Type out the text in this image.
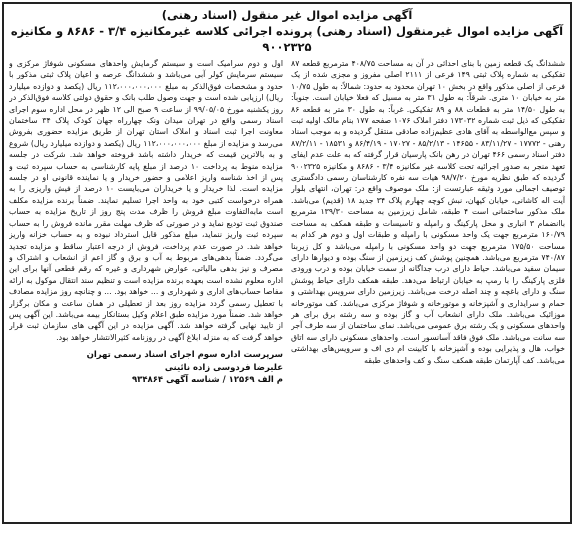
آگهی مزایده اموال غیر منقول (اسناد رهنی)
آگهی مزایده اموال غیرمنقول (اسناد رهنی) پرونده اجرائی کلاسه غیرمکانیزه ۳/۴ - ۸۶۸۶ و مکانیزه ۹۰۰۲۳۲۵

ششدانگ یک قطعه زمین با بنای احداثی در آن به مساحت ۴۰۸/۷۵ مترمربع قطعه ۸۷ تفکیکی به شماره پلاک ثبتی ۱۴۹ فرعی از ۲۱۱۱ اصلی مفروز و مجزی شده از یک فرعی از اصلی مذکور واقع در بخش ۱۰ تهران محدود به حدود: شمالاً: به طول ۱۰/۷۵ متر به خیابان ۱۰ متری. شرقاً: به طول ۳۱ متر به مسیل که فعلا خیابان است. جنوباً: به طول ۱۴/۵۰ متر به قطعات ۸۸ و ۸۹ تفکیکی. غرباً: به طول ۳۰ متر به قطعه ۸۶ تفکیکی که ذیل ثبت شماره ۱۷۳۰۳۲ دفتر املاک ۱۰۷۶ صفحه ۱۷۷ بنام مالک اولیه ثبت و سپس مع‌الواسطه به آقای هادی عظیم‌زاده صادقی منتقل گردیده و به موجب اسناد رهنی - ۱۷۷۷۲ - ۸۳/۱۱/۲۷ - ۱۴۶۵۵ - ۸۵/۲/۱۳ - ۱۷۰۲۷ - ۸۶/۴/۱۹ و ۱۸۵۳۱ - ۸۷/۲/۱۱ دفتر اسناد رسمی ۴۶۶ تهران در رهن بانک پارسیان قرار گرفته که به علت عدم ایفای تعهد منجر به صدور اجرائیه تحت کلاسه غیر مکانیزه ۳/۴ - ۸۶۸۶ و مکانیزه ۹۰۰۲۳۲۵ گردیده که طبق نظریه مورخ ۹۸/۷/۲۰ هیات سه نفره کارشناسان رسمی دادگستری توصیف اجمالی مورد وثیقه عبارتست از: ملک موصوف واقع در: تهران، انتهای بلوار آیت اله کاشانی، خیابان کیهان، نبش کوچه چهارم پلاک ۳۴ جدید ۱۸ (قدیم) می‌باشد. ملک مذکور ساختمانی است ۴ طبقه، شامل زیرزمین به مساحت ۱۳۹/۳۰ مترمربع باانضمام ۳ انباری و محل پارکینگ و رامپله و تاسیسات و طبقه همکف به مساحت ۱۶۰/۷۹ مترمربع جهت یک واحد مسکونی با رامپله و طبقات اول و دوم هر کدام به مساحت ۱۷۵/۵۰ مترمربع جهت دو واحد مسکونی با رامپله می‌باشد و کل زیربنا ۷۴۰/۸۷ مترمربع می‌باشد. همچنین پوشش کف زیرزمین از سنگ بوده و دیوارها دارای سیمان سفید می‌باشد. حیاط دارای درب جداگانه از سمت خیابان بوده و درب ورودی فلزی پارکینگ را با رمپ به خیابان ارتباط می‌دهد. طبقه همکف دارای حیاط پوشش سنگ و دارای باغچه و چند اصله درخت می‌باشد. زیرزمین دارای سرویس بهداشتی و حمام و سرایداری و آشپزخانه و موتورخانه و شوفاژ مرکزی می‌باشد. کف موتورخانه موزائیک می‌باشد. ملک دارای انشعاب آب و گاز بوده و سه رشته برق برای هر واحدهای مسکونی و یک رشته برق عمومی می‌باشد. نمای ساختمان از سه طرف آجر سه سانت می‌باشد. ملک فوق فاقد آسانسور است. واحدهای مسکونی دارای سه اتاق خواب، هال و پذیرایی بوده و آشپزخانه با کابینت ام دی اف و سرویس‌های بهداشتی می‌باشد. کف آپارتمان طبقه همکف سنگ و کف واحدهای طبقه

اول و دوم سرامیک است و سیستم گرمایش واحدهای مسکونی شوفاژ مرکزی و سیستم سرمایش کولر آبی می‌باشد و ششدانگ عرصه و اعیان پلاک ثبتی مذکور با حدود و مشخصات فوق‌الذکر به مبلغ ۱۱۲،۰۰۰،۰۰۰،۰۰۰ ریال (یکصد و دوازده میلیارد ریال) ارزیابی شده است و جهت وصول طلب بانک و حقوق دولتی کلاسه فوق‌الذکر در روز یکشنبه مورخ ۹۹/۰۵/۰۵ از ساعت ۹ صبح الی ۱۲ ظهر در محل اداره سوم اجرای اسناد رسمی واقع در تهران میدان ونک چهارراه جهان کودک پلاک ۳۴ ساختمان معاونت اجرا ثبت اسناد و املاک استان تهران از طریق مزایده حضوری بفروش می‌رسد و مزایده از مبلغ ۱۱۲،۰۰۰،۰۰۰،۰۰۰ ریال (یکصد و دوازده میلیارد ریال) شروع و به بالاترین قیمت که خریدار داشته باشد فروخته خواهد شد. شرکت در جلسه مزایده منوط به پرداخت ۱۰ درصد از مبلغ پایه کارشناسی به حساب سپرده ثبت و پس از اخذ شناسه واریز اعلامی و حضور خریدار و یا نماینده قانونی او در جلسه مزایده است. لذا خریدار و یا خریداران می‌بایست ۱۰ درصد از فیش واریزی را به همراه درخواست کتبی خود به واحد اجرا تسلیم نمایند. ضمناً برنده مزایده مکلف است مابه‌التفاوت مبلغ فروش را ظرف مدت پنج روز از تاریخ مزایده به حساب صندوق ثبت تودیع نماید و در صورتی که ظرف مهلت مقرر مانده فروش را به حساب سپرده ثبت واریز ننماید، مبلغ مذکور قابل استرداد نبوده و به حساب خزانه واریز خواهد شد. در صورت عدم پرداخت، فروش از درجه اعتبار ساقط و مزایده تجدید می‌گردد. ضمناً بدهی‌های مربوط به آب و برق و گاز اعم از انشعاب و اشتراک و مصرف و نیز بدهی مالیاتی، عوارض شهرداری و غیره که رقم قطعی آنها برای این اداره معلوم نشده است بعهده برنده مزایده است و تنظیم سند انتقال موکول به ارائه مفاصا حساب‌های اداری و شهرداری و ... خواهد بود. ... و چنانچه روز مزایده مصادف با تعطیل رسمی گردد مزایده روز بعد از تعطیلی در همان ساعت و مکان برگزار خواهد شد. ضمناً مورد مزایده طبق اعلام وکیل بستانکار بیمه می‌باشد. این آگهی پس از تایید نهایی گرفته خواهد شد. آگهی مزایده در این آگهی های سازمان ثبت قرار خواهد گرفت که به منزله ابلاغ آگهی در روزنامه کثیرالانتشار خواهد بود.

سرپرست اداره سوم اجرای اسناد رسمی تهران

علیرضا فردوسی زاده نائینی

م الف ۱۲۵۶۹ / شناسه آگهی ۹۳۴۸۶۴
